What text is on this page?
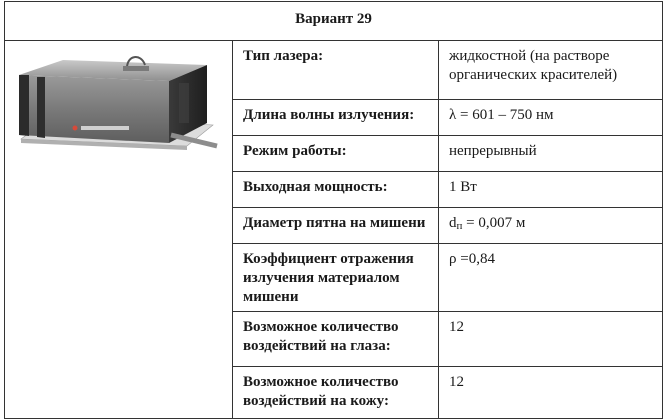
Вариант 29		
	Тип лазера:	жидкостной (на растворе органических красителей)
	Длина волны излучения:	λ = 601 – 750 нм
	Режим работы:	непрерывный
	Выходная мощность:	1 Вт
	Диаметр пятна на мишени	dп = 0,007 м
	Коэффициент отражения излучения материалом мишени	ρ =0,84
	Возможное количество воздействий на глаза:	12
	Возможное количество воздействий на кожу:	12
